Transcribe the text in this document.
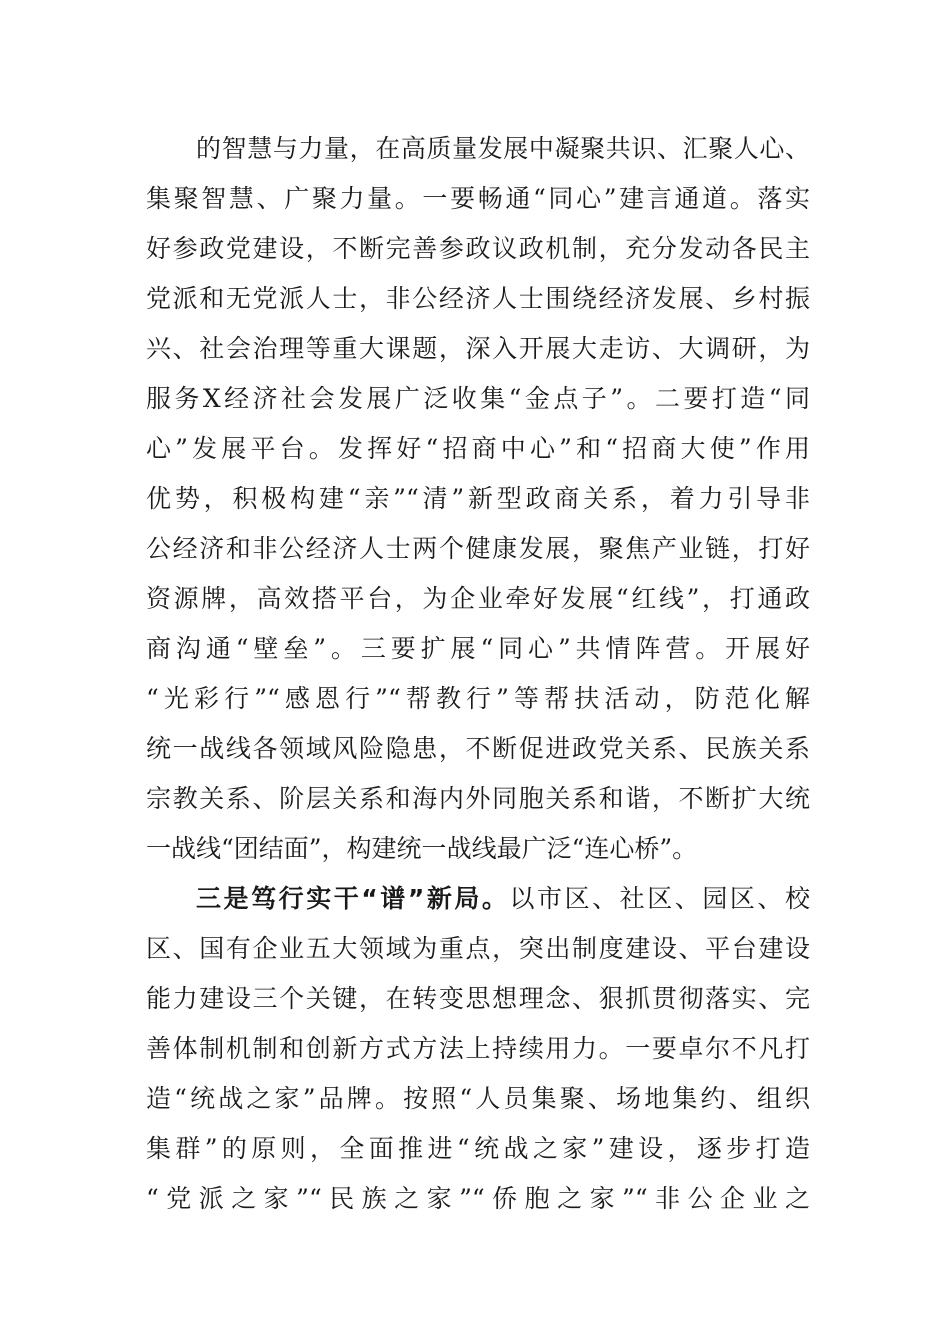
的智慧与力量，在高质量发展中凝聚共识、汇聚人心、
集聚智慧、广聚力量。一要畅通“同心”建言通道。落实
好参政党建设，不断完善参政议政机制，充分发动各民主
党派和无党派人士，非公经济人士围绕经济发展、乡村振
兴、社会治理等重大课题，深入开展大走访、大调研，为
服务X经济社会发展广泛收集“金点子”。二要打造“同
心”发展平台。发挥好“招商中心”和“招商大使”作用
优势，积极构建“亲”“清”新型政商关系，着力引导非
公经济和非公经济人士两个健康发展，聚焦产业链，打好
资源牌，高效搭平台，为企业牵好发展“红线”，打通政
商沟通“壁垒”。三要扩展“同心”共情阵营。开展好
“光彩行”“感恩行”“帮教行”等帮扶活动，防范化解
统一战线各领域风险隐患，不断促进政党关系、民族关系
宗教关系、阶层关系和海内外同胞关系和谐，不断扩大统
一战线“团结面”，构建统一战线最广泛“连心桥”。
三是笃行实干“谱”新局。以市区、社区、园区、校
区、国有企业五大领域为重点，突出制度建设、平台建设
能力建设三个关键，在转变思想理念、狠抓贯彻落实、完
善体制机制和创新方式方法上持续用力。一要卓尔不凡打
造“统战之家”品牌。按照“人员集聚、场地集约、组织
集群”的原则，全面推进“统战之家”建设，逐步打造
“党派之家”“民族之家”“侨胞之家”“非公企业之
